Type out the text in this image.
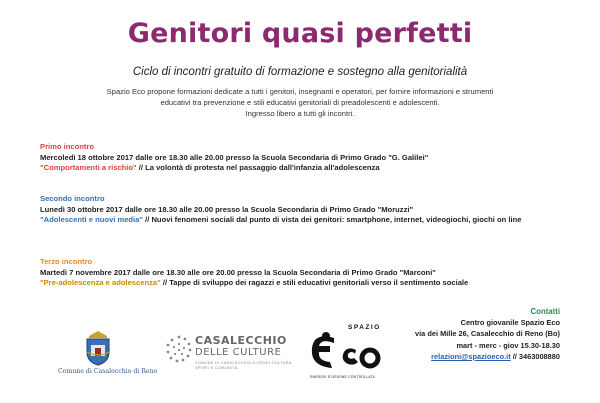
Genitori quasi perfetti
Ciclo di incontri gratuito di formazione e sostegno alla genitorialità

Spazio Eco propone formazioni dedicate a tutti i genitori, insegnanti e operatori, per fornire informazioni e strumenti

educativi tra prevenzione e stili educativi genitoriali di preadolescenti e adolescenti.

Ingresso libero a tutti gli incontri.

Primo incontro
Mercoledì 18 ottobre 2017 dalle ore 18.30 alle 20.00 presso la Scuola Secondaria di Primo Grado "G. Galilei"
"Comportamenti a rischio" // La volontà di protesta nel passaggio dall'infanzia all'adolescenza
Secondo incontro
Lunedì 30 ottobre 2017 dalle ore 18.30 alle 20.00 presso la Scuola Secondaria di Primo Grado "Moruzzi"
"Adolescenti e nuovi media" // Nuovi fenomeni sociali dal punto di vista dei genitori: smartphone, internet, videogiochi, giochi on line
Terzo incontro
Martedì 7 novembre 2017 dalle ore 18.30 alle ore 20.00 presso la Scuola Secondaria di Primo Grado "Marconi"
"Pre-adolescenza e adolescenza" // Tappe di sviluppo dei ragazzi e stili educativi genitoriali verso il sentimento sociale
Contatti
Centro giovanile Spazio Eco
via dei Mille 26, Casalecchio di Reno (Bo)
mart - merc - giov 15.30-18.30
relazioni@spazioeco.it // 3463008880
Comune di Casalecchio di Reno
CASALECCHIO
DELLE CULTURE
COMUNE DI CASALECCHIO DI RENO CULTURA SPORT E COMUNITÀ
SPAZIO
ENERGIE D'ORIGINE CONTROLLATA
